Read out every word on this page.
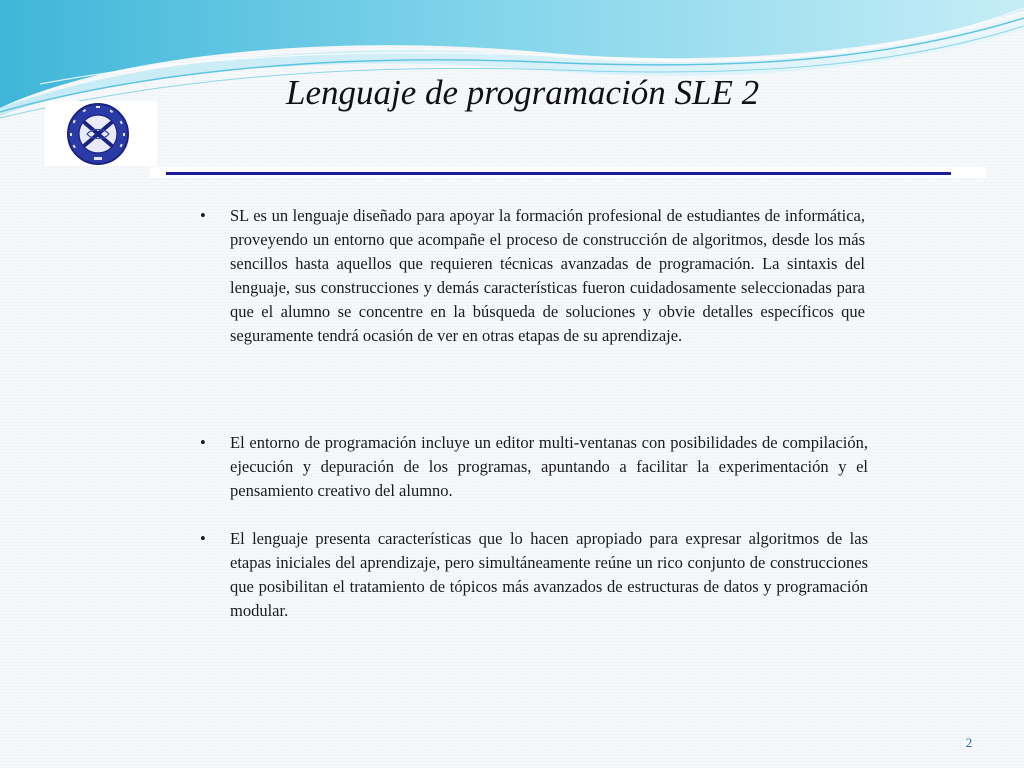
Lenguaje de programación SLE 2
•	SL es un lenguaje diseñado para apoyar la formación profesional de estudiantes de informática, proveyendo un entorno que acompañe el proceso de construcción de algoritmos, desde los más sencillos hasta aquellos que requieren técnicas avanzadas de programación. La sintaxis del lenguaje, sus construcciones y demás características fueron cuidadosamente seleccionadas para que el alumno se concentre en la búsqueda de soluciones y obvie detalles específicos que seguramente tendrá ocasión de ver en otras etapas de su aprendizaje.
•	El entorno de programación incluye un editor multi-ventanas con posibilidades de compilación, ejecución y depuración de los programas, apuntando a facilitar la experimentación y el pensamiento creativo del alumno.
•	El lenguaje presenta características que lo hacen apropiado para expresar algoritmos de las etapas iniciales del aprendizaje, pero simultáneamente reúne un rico conjunto de construcciones que posibilitan el tratamiento de tópicos más avanzados de estructuras de datos y programación modular.
2
